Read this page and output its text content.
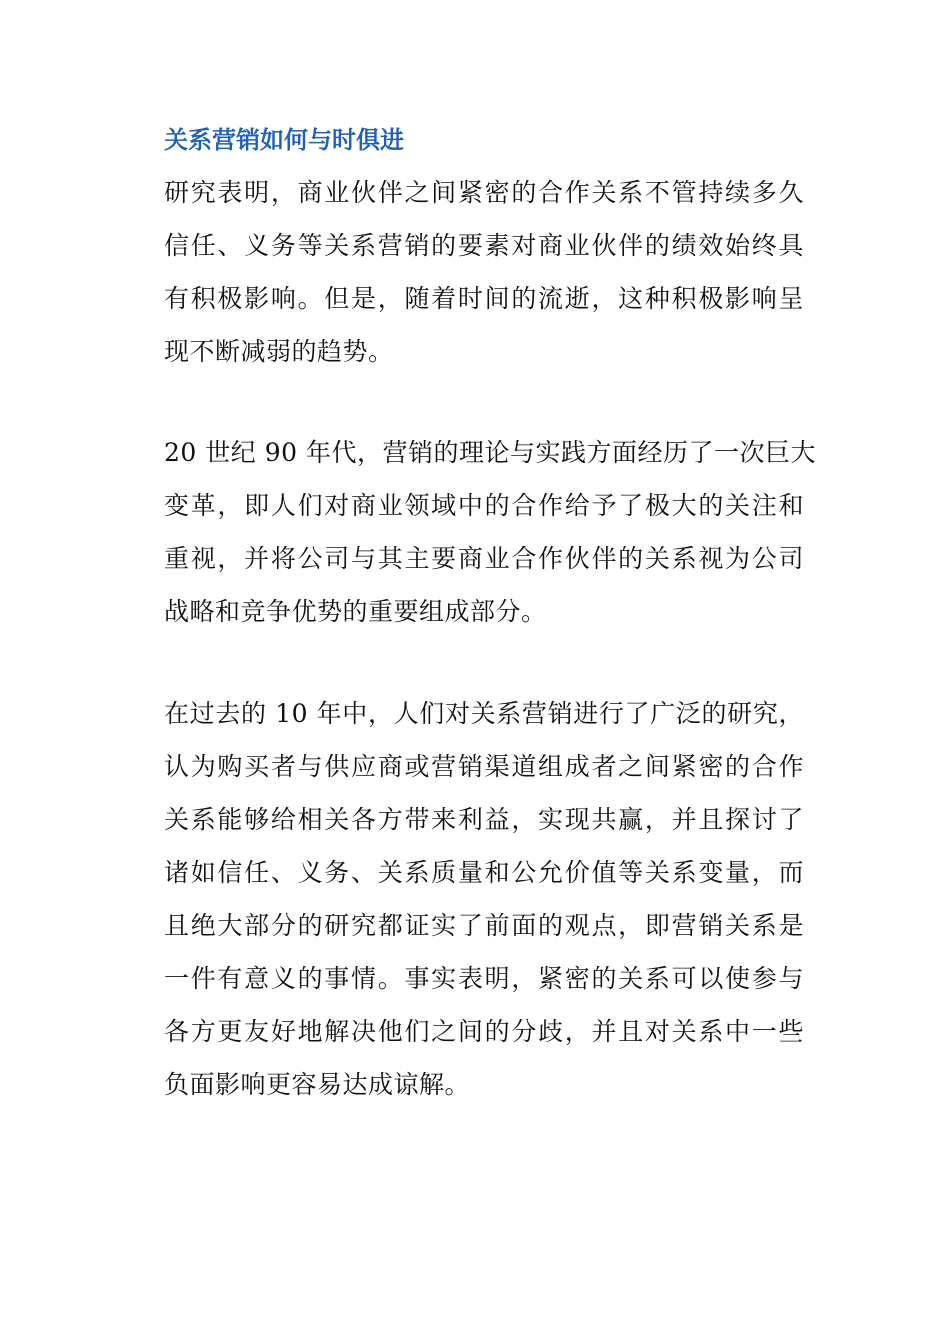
关系营销如何与时俱进
研究表明，商业伙伴之间紧密的合作关系不管持续多久
信任、义务等关系营销的要素对商业伙伴的绩效始终具
有积极影响。但是，随着时间的流逝，这种积极影响呈
现不断减弱的趋势。
20 世纪 90 年代，营销的理论与实践方面经历了一次巨大
变革，即人们对商业领域中的合作给予了极大的关注和
重视，并将公司与其主要商业合作伙伴的关系视为公司
战略和竞争优势的重要组成部分。
在过去的 10 年中，人们对关系营销进行了广泛的研究，
认为购买者与供应商或营销渠道组成者之间紧密的合作
关系能够给相关各方带来利益，实现共赢，并且探讨了
诸如信任、义务、关系质量和公允价值等关系变量，而
且绝大部分的研究都证实了前面的观点，即营销关系是
一件有意义的事情。事实表明，紧密的关系可以使参与
各方更友好地解决他们之间的分歧，并且对关系中一些
负面影响更容易达成谅解。
